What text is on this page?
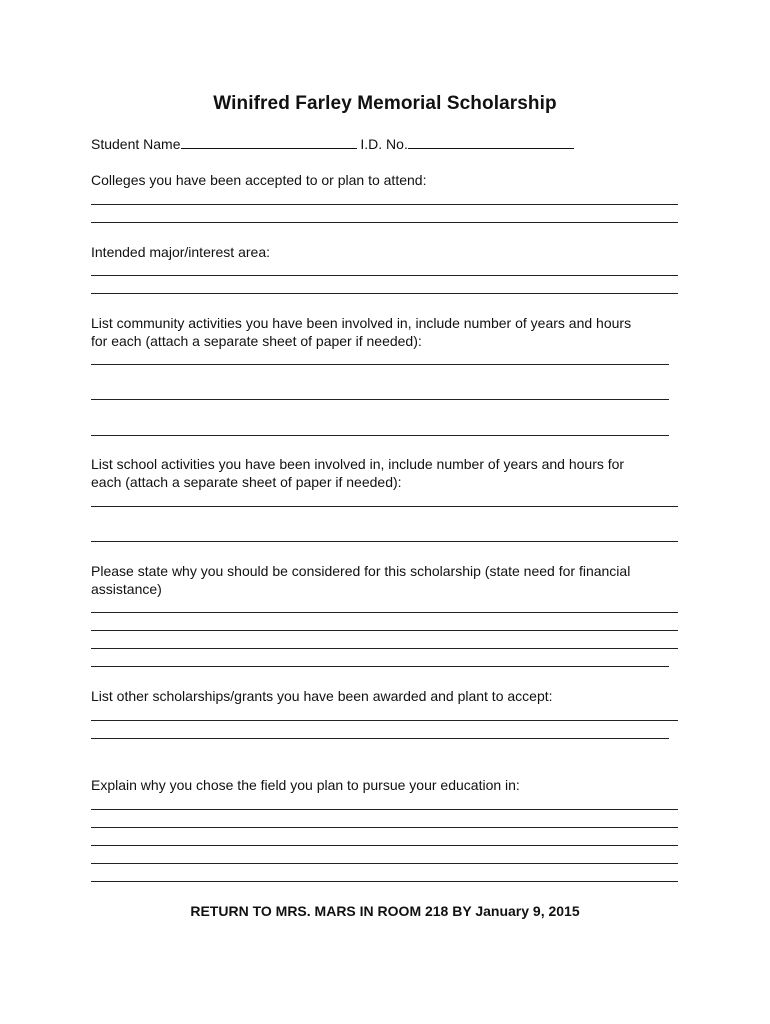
Winifred Farley Memorial Scholarship
Student Name	I.D. No.
Colleges you have been accepted to or plan to attend:
Intended major/interest area:
List community activities you have been involved in, include number of years and hours
for each (attach a separate sheet of paper if needed):
List school activities you have been involved in, include number of years and hours for
each (attach a separate sheet of paper if needed):
Please state why you should be considered for this scholarship (state need for financial
assistance)
List other scholarships/grants you have been awarded and plant to accept:
Explain why you chose the field you plan to pursue your education in:
RETURN TO MRS. MARS IN ROOM 218 BY January 9, 2015
